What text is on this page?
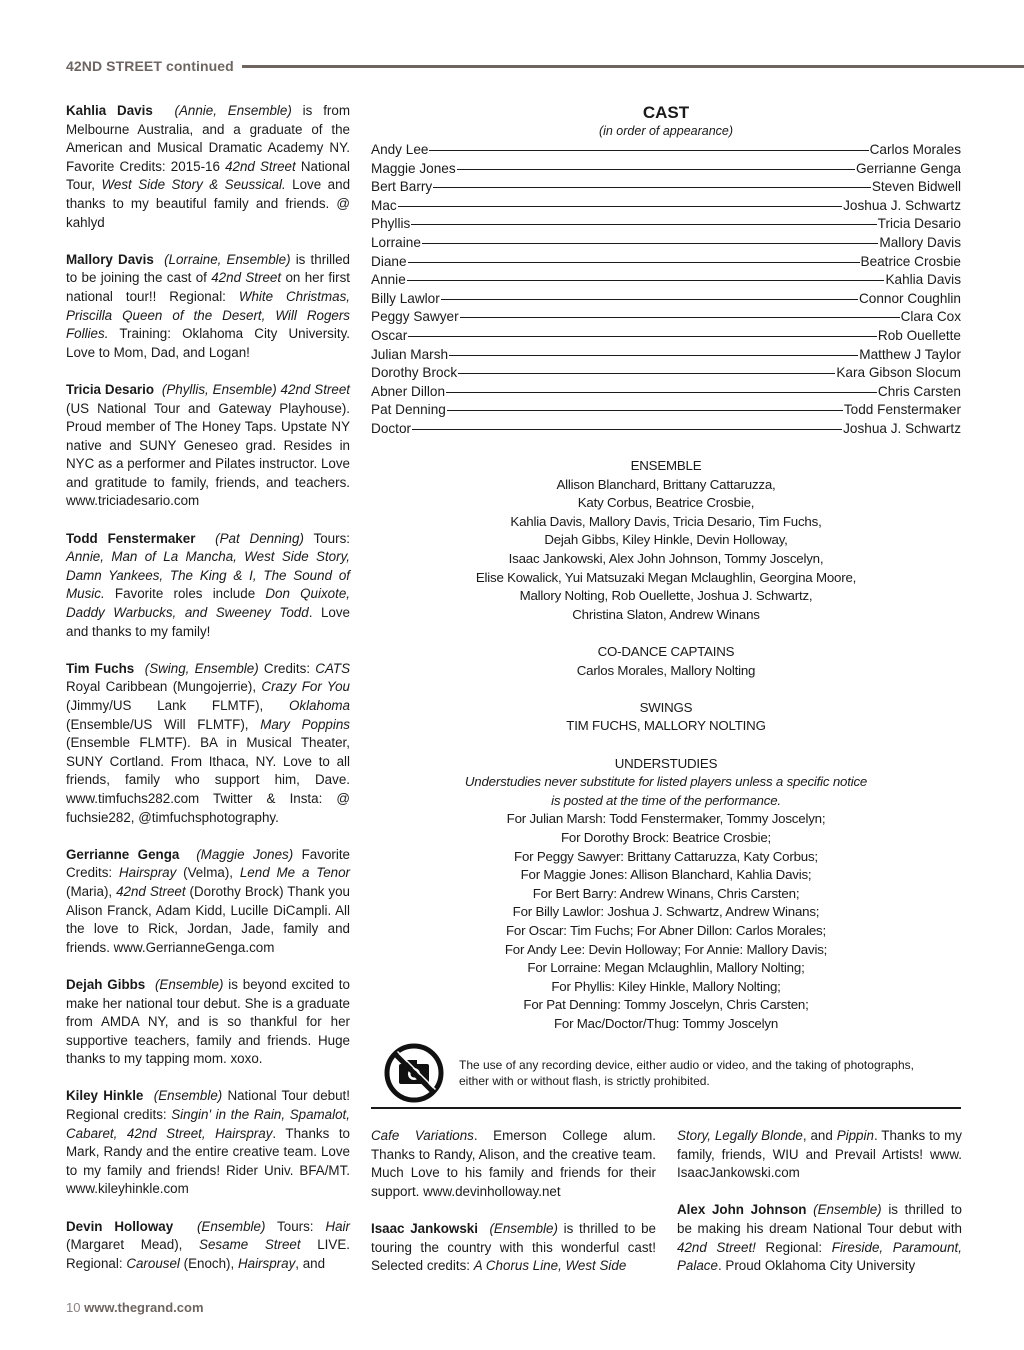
42ND STREET continued

Kahlia Davis (Annie, Ensemble) is from Melbourne Australia, and a graduate of the American and Musical Dramatic Academy NY. Favorite Credits: 2015-16 42nd Street National Tour, West Side Story & Seussical. Love and thanks to my beautiful family and friends. @ kahlyd

Mallory Davis (Lorraine, Ensemble) is thrilled to be joining the cast of 42nd Street on her first national tour!! Regional: White Christmas, Priscilla Queen of the Desert, Will Rogers Follies. Training: Oklahoma City University. Love to Mom, Dad, and Logan!

Tricia Desario (Phyllis, Ensemble) 42nd Street (US National Tour and Gateway Playhouse). Proud member of The Honey Taps. Upstate NY native and SUNY Geneseo grad. Resides in NYC as a performer and Pilates instructor. Love and gratitude to family, friends, and teachers. www.triciadesario.com

Todd Fenstermaker (Pat Denning) Tours: Annie, Man of La Mancha, West Side Story, Damn Yankees, The King & I, The Sound of Music. Favorite roles include Don Quixote, Daddy Warbucks, and Sweeney Todd. Love and thanks to my family!

Tim Fuchs (Swing, Ensemble) Credits: CATS Royal Caribbean (Mungojerrie), Crazy For You (Jimmy/US Lank FLMTF), Oklahoma (Ensemble/US Will FLMTF), Mary Poppins (Ensemble FLMTF). BA in Musical Theater, SUNY Cortland. From Ithaca, NY. Love to all friends, family who support him, Dave. www.timfuchs282.com Twitter & Insta: @ fuchsie282, @timfuchsphotography.

Gerrianne Genga (Maggie Jones) Favorite Credits: Hairspray (Velma), Lend Me a Tenor (Maria), 42nd Street (Dorothy Brock) Thank you Alison Franck, Adam Kidd, Lucille DiCampli. All the love to Rick, Jordan, Jade, family and friends. www.GerrianneGenga.com

Dejah Gibbs (Ensemble) is beyond excited to make her national tour debut. She is a graduate from AMDA NY, and is so thankful for her supportive teachers, family and friends. Huge thanks to my tapping mom. xoxo.

Kiley Hinkle (Ensemble) National Tour debut! Regional credits: Singin' in the Rain, Spamalot, Cabaret, 42nd Street, Hairspray. Thanks to Mark, Randy and the entire creative team. Love to my family and friends! Rider Univ. BFA/MT. www.kileyhinkle.com

Devin Holloway (Ensemble) Tours: Hair (Margaret Mead), Sesame Street LIVE. Regional: Carousel (Enoch), Hairspray, and

CAST
(in order of appearance)
Andy Lee	Carlos Morales
Maggie Jones	Gerrianne Genga
Bert Barry	Steven Bidwell
Mac	Joshua J. Schwartz
Phyllis	Tricia Desario
Lorraine	Mallory Davis
Diane	Beatrice Crosbie
Annie	Kahlia Davis
Billy Lawlor	Connor Coughlin
Peggy Sawyer	Clara Cox
Oscar	Rob Ouellette
Julian Marsh	Matthew J Taylor
Dorothy Brock	Kara Gibson Slocum
Abner Dillon	Chris Carsten
Pat Denning	Todd Fenstermaker
Doctor	Joshua J. Schwartz
ENSEMBLE
Allison Blanchard, Brittany Cattaruzza,
Katy Corbus, Beatrice Crosbie,
Kahlia Davis, Mallory Davis, Tricia Desario, Tim Fuchs,
Dejah Gibbs, Kiley Hinkle, Devin Holloway,
Isaac Jankowski, Alex John Johnson, Tommy Joscelyn,
Elise Kowalick, Yui Matsuzaki Megan Mclaughlin, Georgina Moore,
Mallory Nolting, Rob Ouellette, Joshua J. Schwartz,
Christina Slaton, Andrew Winans
CO-DANCE CAPTAINS
Carlos Morales, Mallory Nolting
SWINGS
TIM FUCHS, MALLORY NOLTING
UNDERSTUDIES
Understudies never substitute for listed players unless a specific notice
is posted at the time of the performance.
For Julian Marsh: Todd Fenstermaker, Tommy Joscelyn;
For Dorothy Brock: Beatrice Crosbie;
For Peggy Sawyer: Brittany Cattaruzza, Katy Corbus;
For Maggie Jones: Allison Blanchard, Kahlia Davis;
For Bert Barry: Andrew Winans, Chris Carsten;
For Billy Lawlor: Joshua J. Schwartz, Andrew Winans;
For Oscar: Tim Fuchs; For Abner Dillon: Carlos Morales;
For Andy Lee: Devin Holloway; For Annie: Mallory Davis;
For Lorraine: Megan Mclaughlin, Mallory Nolting;
For Phyllis: Kiley Hinkle, Mallory Nolting;
For Pat Denning: Tommy Joscelyn, Chris Carsten;
For Mac/Doctor/Thug: Tommy Joscelyn
The use of any recording device, either audio or video, and the taking of photographs,
either with or without flash, is strictly prohibited.

Cafe Variations. Emerson College alum. Thanks to Randy, Alison, and the creative team. Much Love to his family and friends for their support. www.devinholloway.net

Isaac Jankowski (Ensemble) is thrilled to be touring the country with this wonderful cast! Selected credits: A Chorus Line, West Side

Story, Legally Blonde, and Pippin. Thanks to my family, friends, WIU and Prevail Artists! www. IsaacJankowski.com

Alex John Johnson (Ensemble) is thrilled to be making his dream National Tour debut with 42nd Street! Regional: Fireside, Paramount, Palace. Proud Oklahoma City University

10 www.thegrand.com
